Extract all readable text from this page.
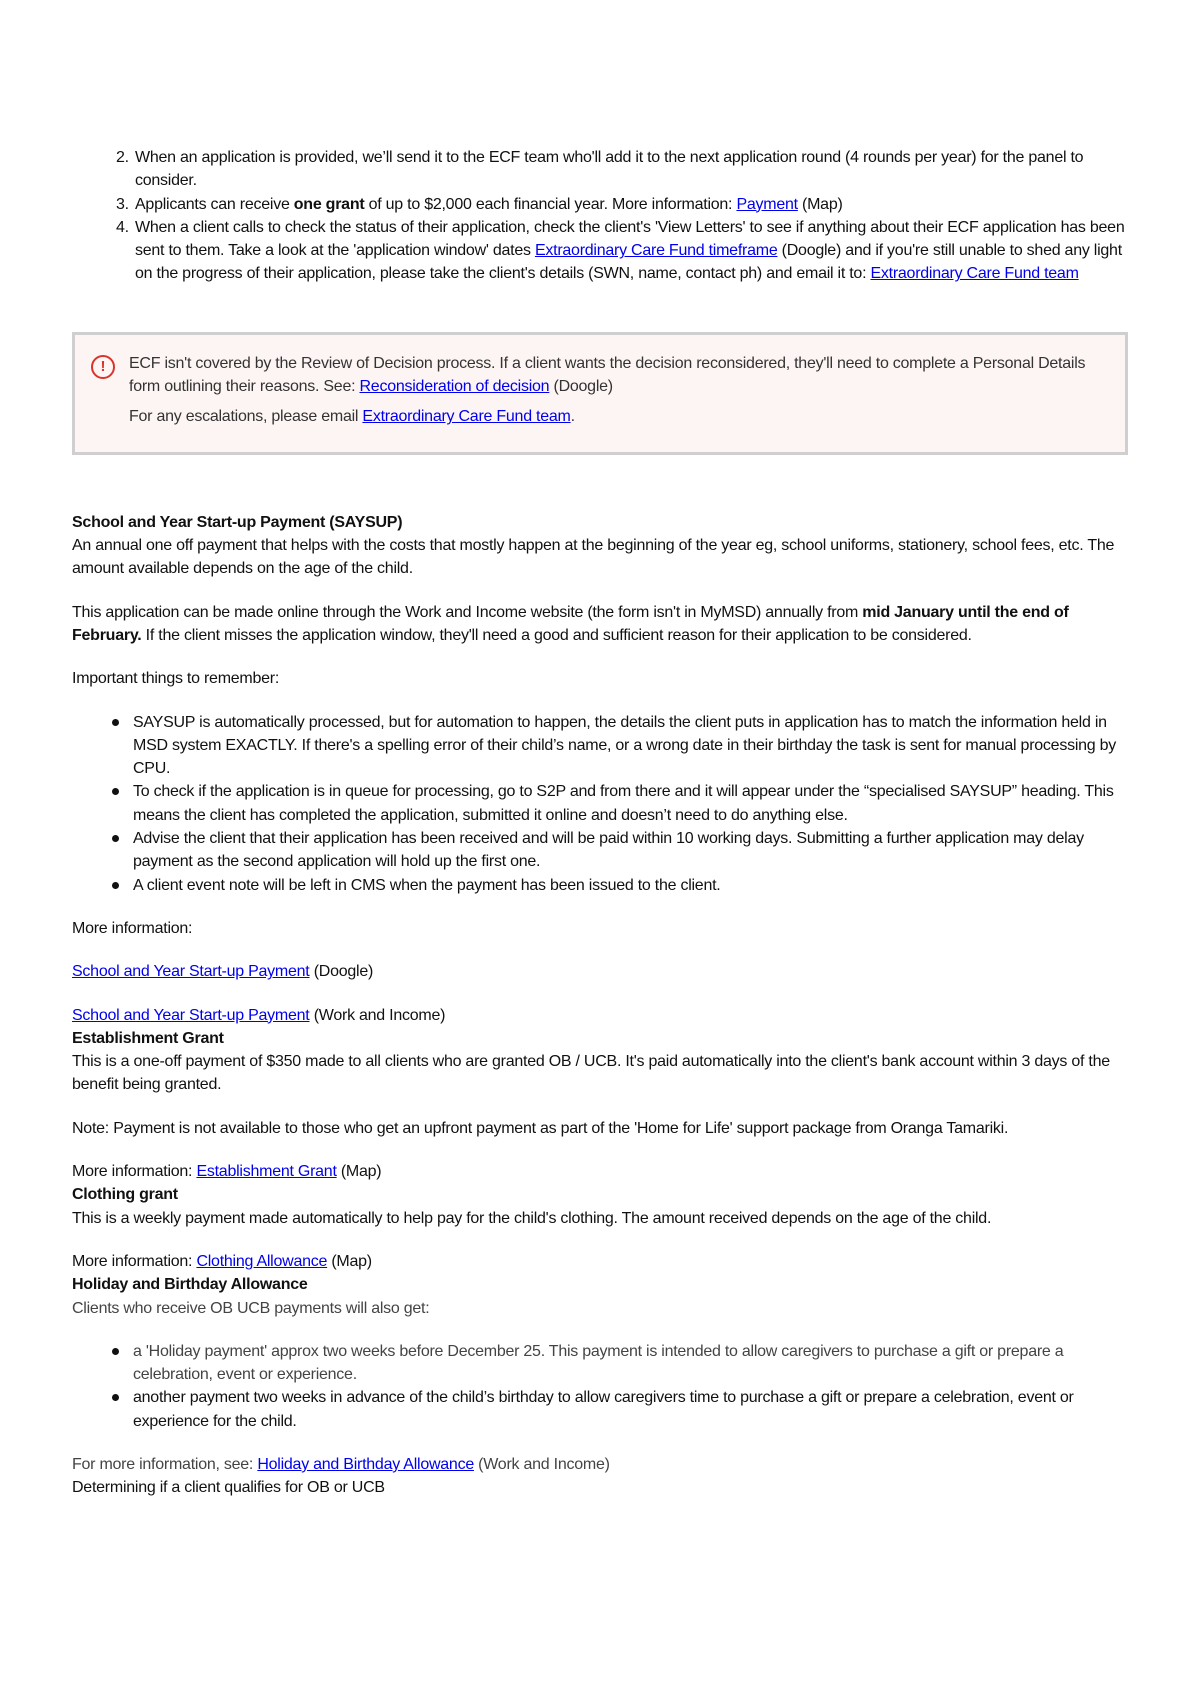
2. When an application is provided, we’ll send it to the ECF team who'll add it to the next application round (4 rounds per year) for the panel to consider.
3. Applicants can receive one grant of up to $2,000 each financial year. More information: Payment (Map)
4. When a client calls to check the status of their application, check the client's 'View Letters' to see if anything about their ECF application has been sent to them. Take a look at the 'application window' dates Extraordinary Care Fund timeframe (Doogle) and if you're still unable to shed any light on the progress of their application, please take the client's details (SWN, name, contact ph) and email it to: Extraordinary Care Fund team
!	ECF isn't covered by the Review of Decision process. If a client wants the decision reconsidered, they'll need to complete a Personal Details form outlining their reasons. See: Reconsideration of decision (Doogle)

For any escalations, please email Extraordinary Care Fund team.

School and Year Start-up Payment (SAYSUP)

An annual one off payment that helps with the costs that mostly happen at the beginning of the year eg, school uniforms, stationery, school fees, etc. The amount available depends on the age of the child.

This application can be made online through the Work and Income website (the form isn't in MyMSD) annually from mid January until the end of February. If the client misses the application window, they'll need a good and sufficient reason for their application to be considered.

Important things to remember:

SAYSUP is automatically processed, but for automation to happen, the details the client puts in application has to match the information held in MSD system EXACTLY. If there's a spelling error of their child’s name, or a wrong date in their birthday the task is sent for manual processing by CPU.
To check if the application is in queue for processing, go to S2P and from there and it will appear under the “specialised SAYSUP” heading. This means the client has completed the application, submitted it online and doesn’t need to do anything else.
Advise the client that their application has been received and will be paid within 10 working days. Submitting a further application may delay payment as the second application will hold up the first one.
A client event note will be left in CMS when the payment has been issued to the client.

More information:

School and Year Start-up Payment (Doogle)

School and Year Start-up Payment (Work and Income)

Establishment Grant

This is a one-off payment of $350 made to all clients who are granted OB / UCB. It's paid automatically into the client's bank account within 3 days of the benefit being granted.

Note: Payment is not available to those who get an upfront payment as part of the 'Home for Life' support package from Oranga Tamariki.

More information: Establishment Grant (Map)

Clothing grant

This is a weekly payment made automatically to help pay for the child's clothing. The amount received depends on the age of the child.

More information: Clothing Allowance (Map)

Holiday and Birthday Allowance

Clients who receive OB UCB payments will also get:

a 'Holiday payment' approx two weeks before December 25. This payment is intended to allow caregivers to purchase a gift or prepare a celebration, event or experience.
another payment two weeks in advance of the child’s birthday to allow caregivers time to purchase a gift or prepare a celebration, event or experience for the child.

For more information, see: Holiday and Birthday Allowance (Work and Income)

Determining if a client qualifies for OB or UCB
